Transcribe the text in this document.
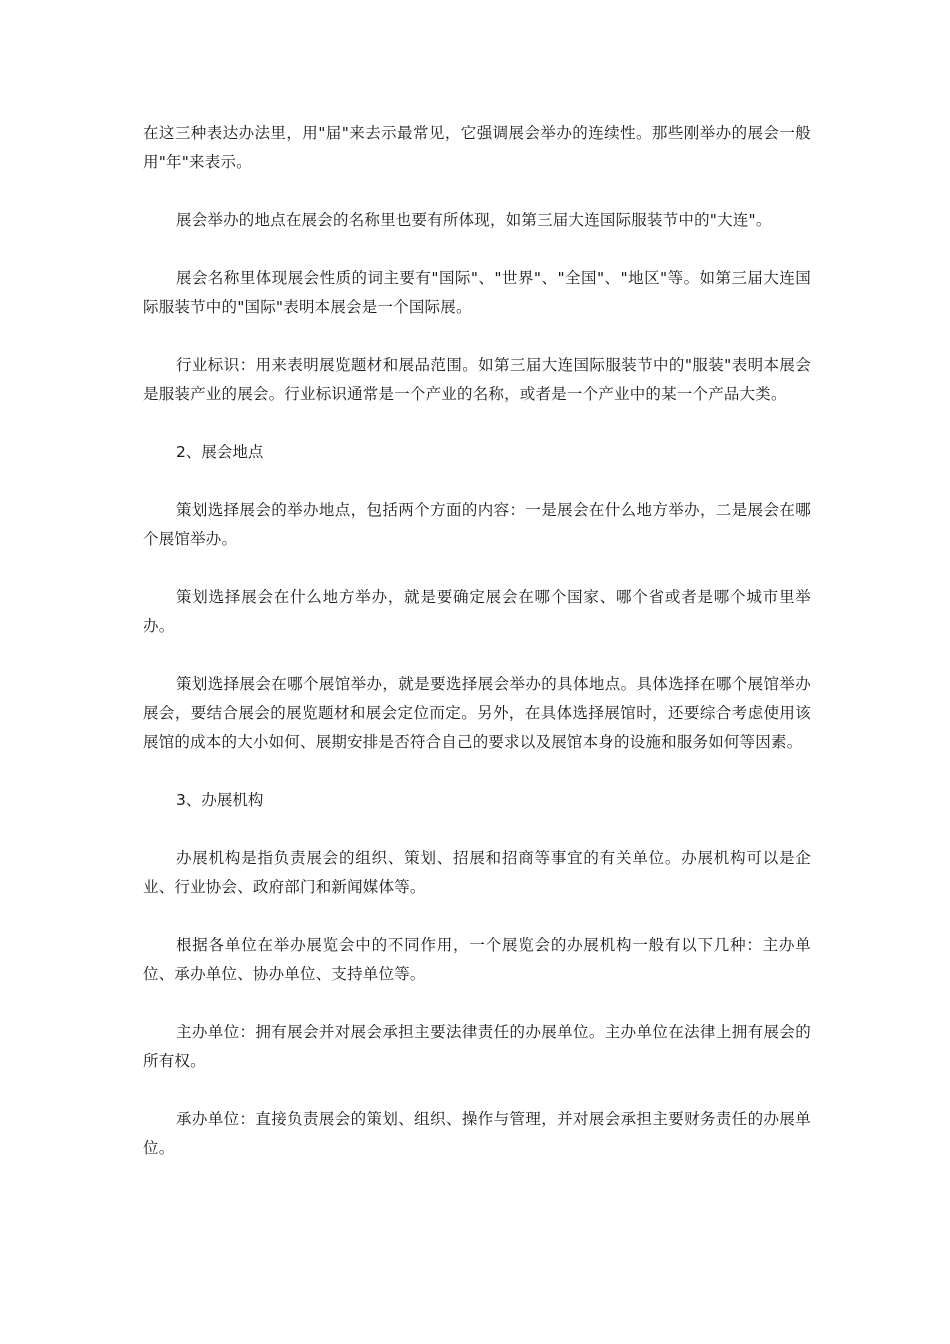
在这三种表达办法里，用"届"来去示最常见，它强调展会举办的连续性。那些刚举办的展会一般用"年"来表示。

展会举办的地点在展会的名称里也要有所体现，如第三届大连国际服装节中的"大连"。

展会名称里体现展会性质的词主要有"国际"、"世界"、"全国"、"地区"等。如第三届大连国际服装节中的"国际"表明本展会是一个国际展。

行业标识：用来表明展览题材和展品范围。如第三届大连国际服装节中的"服装"表明本展会是服装产业的展会。行业标识通常是一个产业的名称，或者是一个产业中的某一个产品大类。

2、展会地点

策划选择展会的举办地点，包括两个方面的内容：一是展会在什么地方举办，二是展会在哪个展馆举办。

策划选择展会在什么地方举办，就是要确定展会在哪个国家、哪个省或者是哪个城市里举办。

策划选择展会在哪个展馆举办，就是要选择展会举办的具体地点。具体选择在哪个展馆举办展会，要结合展会的展览题材和展会定位而定。另外，在具体选择展馆时，还要综合考虑使用该展馆的成本的大小如何、展期安排是否符合自己的要求以及展馆本身的设施和服务如何等因素。

3、办展机构

办展机构是指负责展会的组织、策划、招展和招商等事宜的有关单位。办展机构可以是企业、行业协会、政府部门和新闻媒体等。

根据各单位在举办展览会中的不同作用，一个展览会的办展机构一般有以下几种：主办单位、承办单位、协办单位、支持单位等。

主办单位：拥有展会并对展会承担主要法律责任的办展单位。主办单位在法律上拥有展会的所有权。

承办单位：直接负责展会的策划、组织、操作与管理，并对展会承担主要财务责任的办展单位。
